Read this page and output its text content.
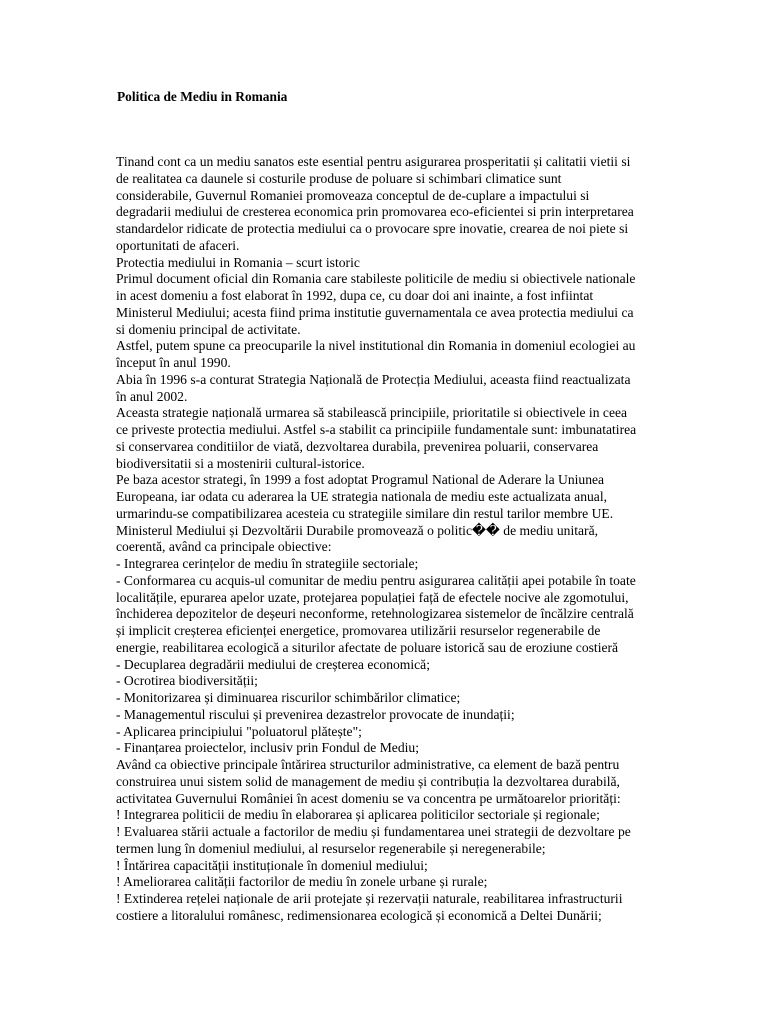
Politica de Mediu in Romania
Tinand cont ca un mediu sanatos este esential pentru asigurarea prosperitatii și calitatii vietii si
de realitatea ca daunele si costurile produse de poluare si schimbari climatice sunt
considerabile, Guvernul Romaniei promoveaza conceptul de de-cuplare a impactului si
degradarii mediului de cresterea economica prin promovarea eco-eficientei si prin interpretarea
standardelor ridicate de protectia mediului ca o provocare spre inovatie, crearea de noi piete si
oportunitati de afaceri.
Protectia mediului in Romania – scurt istoric
Primul document oficial din Romania care stabileste politicile de mediu si obiectivele nationale
in acest domeniu a fost elaborat în 1992, dupa ce, cu doar doi ani inainte, a fost infiintat
Ministerul Mediului; acesta fiind prima institutie guvernamentala ce avea protectia mediului ca
si domeniu principal de activitate.
Astfel, putem spune ca preocuparile la nivel institutional din Romania in domeniul ecologiei au
început în anul 1990.
Abia în 1996 s-a conturat Strategia Națională de Protecția Mediului, aceasta fiind reactualizata
în anul 2002.
Aceasta strategie națională urmarea să stabilească principiile, prioritatile si obiectivele in ceea
ce priveste protectia mediului. Astfel s-a stabilit ca principiile fundamentale sunt: imbunatatirea
si conservarea conditiilor de viată, dezvoltarea durabila, prevenirea poluarii, conservarea
biodiversitatii si a mostenirii cultural-istorice.
Pe baza acestor strategi, în 1999 a fost adoptat Programul National de Aderare la Uniunea
Europeana, iar odata cu aderarea la UE strategia nationala de mediu este actualizata anual,
urmarindu-se compatibilizarea acesteia cu strategiile similare din restul tarilor membre UE.
Ministerul Mediului și Dezvoltării Durabile promovează o politic�� de mediu unitară,
coerentă, având ca principale obiective:
- Integrarea cerințelor de mediu în strategiile sectoriale;
- Conformarea cu acquis-ul comunitar de mediu pentru asigurarea calității apei potabile în toate
localitățile, epurarea apelor uzate, protejarea populației față de efectele nocive ale zgomotului,
închiderea depozitelor de deșeuri neconforme, retehnologizarea sistemelor de încălzire centrală
și implicit creșterea eficienței energetice, promovarea utilizării resurselor regenerabile de
energie, reabilitarea ecologică a siturilor afectate de poluare istorică sau de eroziune costieră
- Decuplarea degradării mediului de creșterea economică;
- Ocrotirea biodiversității;
- Monitorizarea și diminuarea riscurilor schimbărilor climatice;
- Managementul riscului și prevenirea dezastrelor provocate de inundații;
- Aplicarea principiului "poluatorul plătește";
- Finanțarea proiectelor, inclusiv prin Fondul de Mediu;
Având ca obiective principale întărirea structurilor administrative, ca element de bază pentru
construirea unui sistem solid de management de mediu și contribuția la dezvoltarea durabilă,
activitatea Guvernului României în acest domeniu se va concentra pe următoarelor priorități:
! Integrarea politicii de mediu în elaborarea și aplicarea politicilor sectoriale și regionale;
! Evaluarea stării actuale a factorilor de mediu și fundamentarea unei strategii de dezvoltare pe
termen lung în domeniul mediului, al resurselor regenerabile și neregenerabile;
! Întărirea capacității instituționale în domeniul mediului;
! Ameliorarea calității factorilor de mediu în zonele urbane și rurale;
! Extinderea rețelei naționale de arii protejate și rezervații naturale, reabilitarea infrastructurii
costiere a litoralului românesc, redimensionarea ecologică și economică a Deltei Dunării;
